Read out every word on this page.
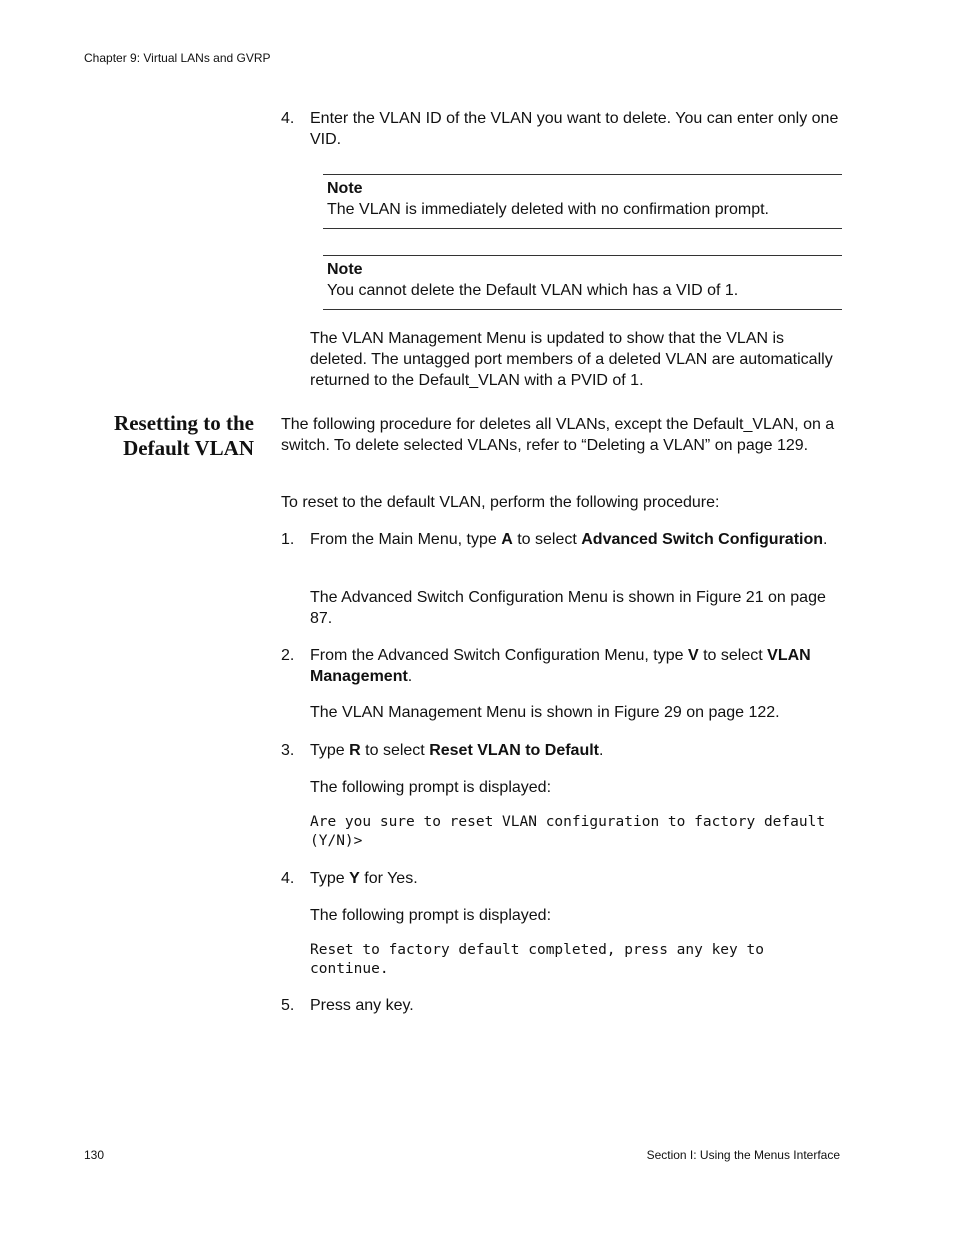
Chapter 9: Virtual LANs and GVRP
4. Enter the VLAN ID of the VLAN you want to delete. You can enter only one VID.
Note
The VLAN is immediately deleted with no confirmation prompt.
Note
You cannot delete the Default VLAN which has a VID of 1.
The VLAN Management Menu is updated to show that the VLAN is deleted. The untagged port members of a deleted VLAN are automatically returned to the Default_VLAN with a PVID of 1.
Resetting to the
Default VLAN
The following procedure for deletes all VLANs, except the Default_VLAN, on a switch. To delete selected VLANs, refer to “Deleting a VLAN” on page 129.
To reset to the default VLAN, perform the following procedure:
1. From the Main Menu, type A to select Advanced Switch Configuration.
The Advanced Switch Configuration Menu is shown in Figure 21 on page 87.
2. From the Advanced Switch Configuration Menu, type V to select VLAN Management.
The VLAN Management Menu is shown in Figure 29 on page 122.
3. Type R to select Reset VLAN to Default.
The following prompt is displayed:
Are you sure to reset VLAN configuration to factory default (Y/N)>
4. Type Y for Yes.
The following prompt is displayed:
Reset to factory default completed, press any key to continue.
5. Press any key.
130	Section I: Using the Menus Interface
